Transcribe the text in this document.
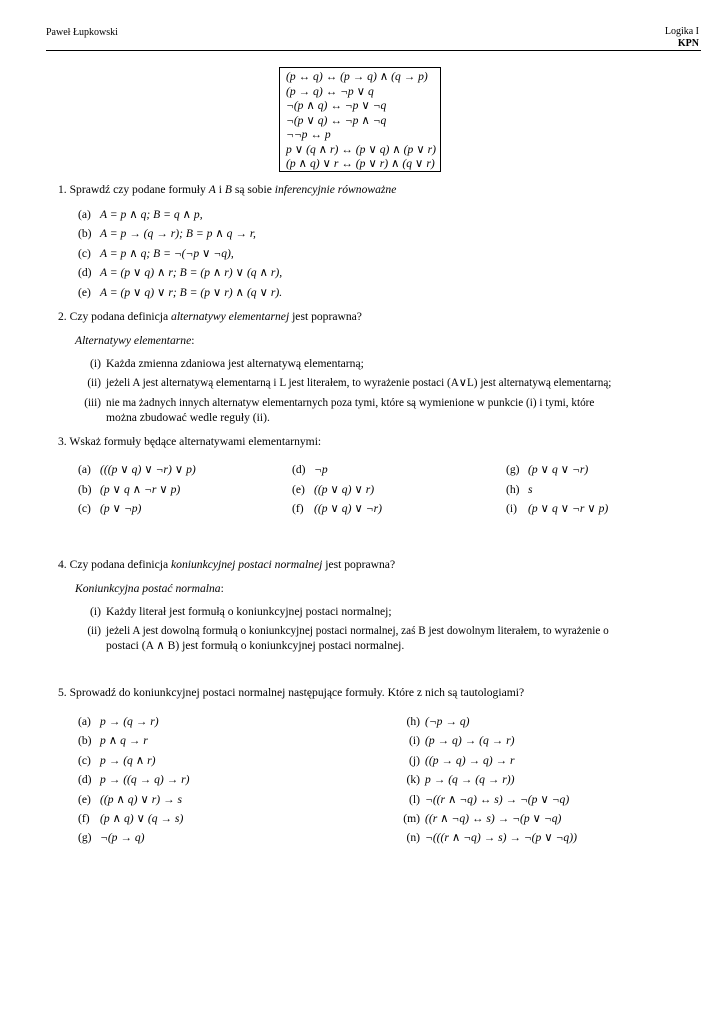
Paweł Łupkowski	Logika I
KPN
(p ↔ q) ↔ (p → q) ∧ (q → p)
(p → q) ↔ ¬p ∨ q
¬(p ∧ q) ↔ ¬p ∨ ¬q
¬(p ∨ q) ↔ ¬p ∧ ¬q
¬¬p ↔ p
p ∨ (q ∧ r) ↔ (p ∨ q) ∧ (p ∨ r)
(p ∧ q) ∨ r ↔ (p ∨ r) ∧ (q ∨ r)
1. Sprawdź czy podane formuły A i B są sobie inferencyjnie równoważne
(a) A = p ∧ q; B = q ∧ p,
(b) A = p → (q → r); B = p ∧ q → r,
(c) A = p ∧ q; B = ¬(¬p ∨ ¬q),
(d) A = (p ∨ q) ∧ r; B = (p ∧ r) ∨ (q ∧ r),
(e) A = (p ∨ q) ∨ r; B = (p ∨ r) ∧ (q ∨ r).
2. Czy podana definicja alternatywy elementarnej jest poprawna?
Alternatywy elementarne:
(i) Każda zmienna zdaniowa jest alternatywą elementarną;
(ii) jeżeli A jest alternatywą elementarną i L jest literałem, to wyrażenie postaci (A∨L) jest alternatywą elementarną;
(iii) nie ma żadnych innych alternatyw elementarnych poza tymi, które są wymienione w punkcie (i) i tymi, które
można zbudować wedle reguły (ii).
3. Wskaż formuły będące alternatywami elementarnymi:
(a) (((p ∨ q) ∨ ¬r) ∨ p)
(b) (p ∨ q ∧ ¬r ∨ p)
(c) (p ∨ ¬p)
(d) ¬p
(e) ((p ∨ q) ∨ r)
(f) ((p ∨ q) ∨ ¬r)
(g) (p ∨ q ∨ ¬r)
(h) s
(i) (p ∨ q ∨ ¬r ∨ p)
4. Czy podana definicja koniunkcyjnej postaci normalnej jest poprawna?
Koniunkcyjna postać normalna:
(i) Każdy literał jest formułą o koniunkcyjnej postaci normalnej;
(ii) jeżeli A jest dowolną formułą o koniunkcyjnej postaci normalnej, zaś B jest dowolnym literałem, to wyrażenie o
postaci (A ∧ B) jest formułą o koniunkcyjnej postaci normalnej.
5. Sprowadź do koniunkcyjnej postaci normalnej następujące formuły. Które z nich są tautologiami?
(a) p → (q → r)
(b) p ∧ q → r
(c) p → (q ∧ r)
(d) p → ((q → q) → r)
(e) ((p ∧ q) ∨ r) → s
(f) (p ∧ q) ∨ (q → s)
(g) ¬(p → q)
(h) (¬p → q)
(i) (p → q) → (q → r)
(j) ((p → q) → q) → r
(k) p → (q → (q → r))
(l) ¬((r ∧ ¬q) ↔ s) → ¬(p ∨ ¬q)
(m) ((r ∧ ¬q) ↔ s) → ¬(p ∨ ¬q)
(n) ¬(((r ∧ ¬q) → s) → ¬(p ∨ ¬q))
